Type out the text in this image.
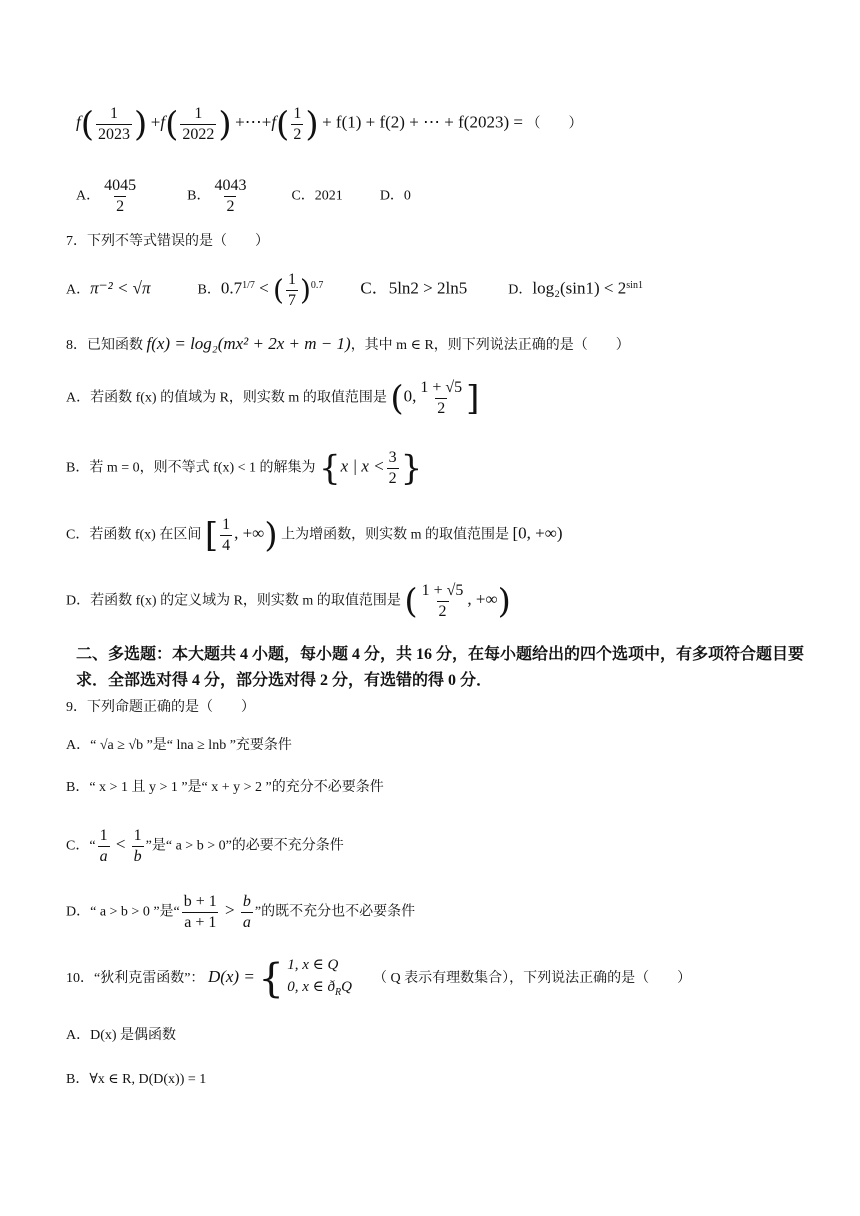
$f( \frac{1}{2023}$ ) $+f( \frac{1}{2022}$ ) +⋯+f( $\frac{1}{2}$ ) + f(1) + f(2) + ⋯ + f(2023) = （　　）
A． $\frac{4045}{2}$	B． $\frac{4043}{2}$	C．2021	D．0
7．下列不等式错误的是（　　）
A．π⁻² < √π	B．$0.7^{1/7}$ < ( $\frac{1}{7} )^{0.7}$ C．5ln2 > 2ln5	D．$\log_2(\sin 1) < 2^{sin1}$
8．已知函数 f(x) = log₂(mx² + 2x + m − 1)，其中 m ∈ R，则下列说法正确的是（　　）
A．若函数 f(x) 的值域为 R，则实数 m 的取值范围是 (0, $\frac{1 + √5}{2}$ ]
B．若 m = 0，则不等式 f(x) < 1 的解集为 {x | $x < \frac{3}{2}$ }
C．若函数 f(x) 在区间 [ $\frac{1}{4}$ , +∞) 上为增函数，则实数 m 的取值范围是 [0, +∞)
D．若函数 f(x) 的定义域为 R，则实数 m 的取值范围是 ( $\frac{1 + √5}{2}$ , +∞)
二、多选题：本大题共 4 小题，每小题 4 分，共 16 分，在每小题给出的四个选项中，有多项符合题目要求．全部选对得 4 分，部分选对得 2 分，有选错的得 0 分．
9．下列命题正确的是（　　）
A．“ √a ≥ √b ”是“ lna ≥ lnb ”充要条件
B．“ x > 1 且 y > 1 ”是“ x + y > 2 ”的充分不必要条件
C．“ $\frac{1}{a} < \frac{1}{b}$ ”是“ a > b > 0”的必要不充分条件
D．“ a > b > 0 ”是“ $\frac{b + 1}{a + 1} > \frac{b}{a}$ ”的既不充分也不必要条件
10．“狄利克雷函数”： D(x) = { 1, x ∈ Q
0, x ∈ $ð_RQ$
（ Q 表示有理数集合），下列说法正确的是（　　）
A．D(x) 是偶函数
B．∀x ∈ R, D(D(x)) = 1
